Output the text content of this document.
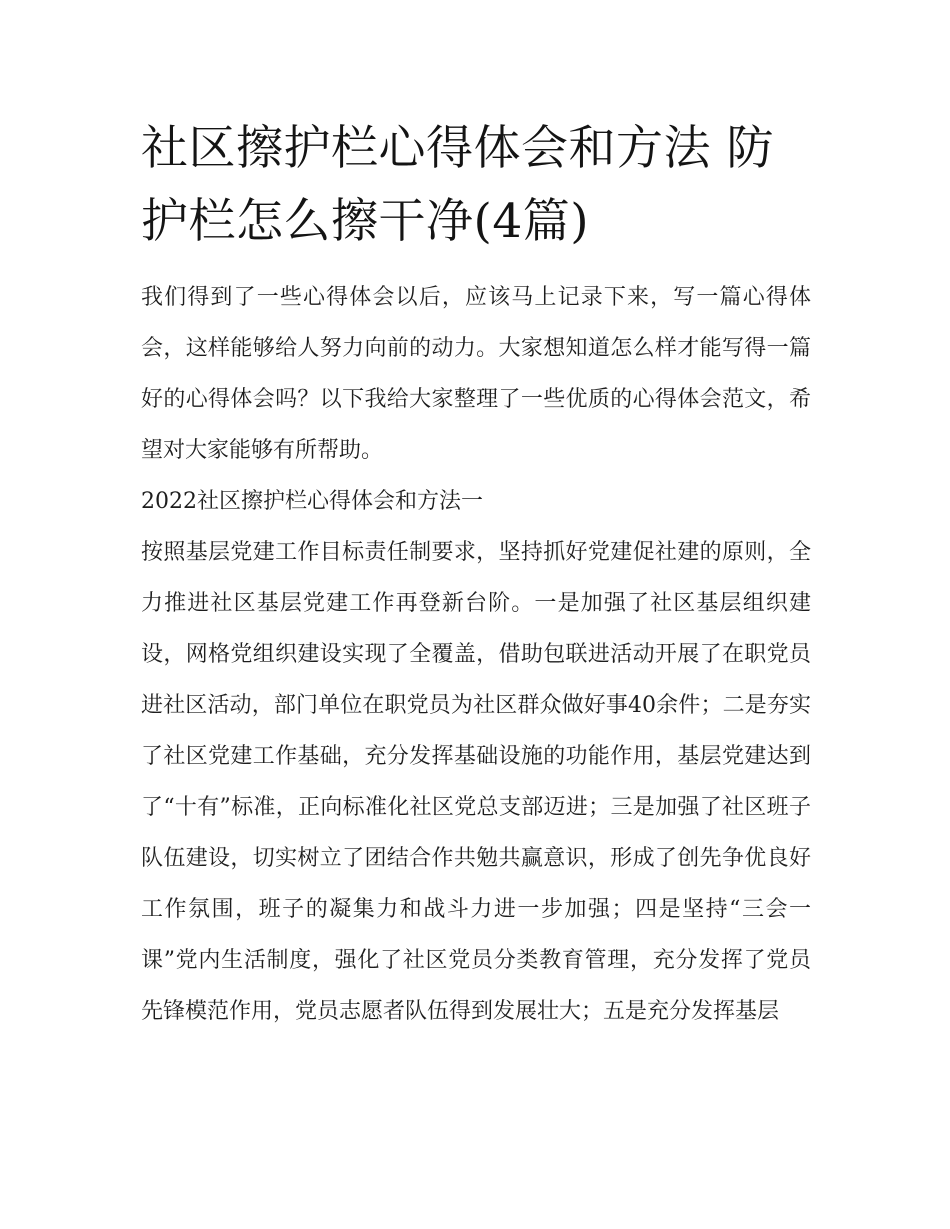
社区擦护栏心得体会和方法 防护栏怎么擦干净(4篇)

我们得到了一些心得体会以后，应该马上记录下来，写一篇心得体会，这样能够给人努力向前的动力。大家想知道怎么样才能写得一篇好的心得体会吗？以下我给大家整理了一些优质的心得体会范文，希望对大家能够有所帮助。

2022社区擦护栏心得体会和方法一

按照基层党建工作目标责任制要求，坚持抓好党建促社建的原则，全力推进社区基层党建工作再登新台阶。一是加强了社区基层组织建设，网格党组织建设实现了全覆盖，借助包联进活动开展了在职党员进社区活动，部门单位在职党员为社区群众做好事40余件；二是夯实了社区党建工作基础，充分发挥基础设施的功能作用，基层党建达到了“十有”标准，正向标准化社区党总支部迈进；三是加强了社区班子队伍建设，切实树立了团结合作共勉共赢意识，形成了创先争优良好工作氛围，班子的凝集力和战斗力进一步加强；四是坚持“三会一课”党内生活制度，强化了社区党员分类教育管理，充分发挥了党员先锋模范作用，党员志愿者队伍得到发展壮大；五是充分发挥基层
